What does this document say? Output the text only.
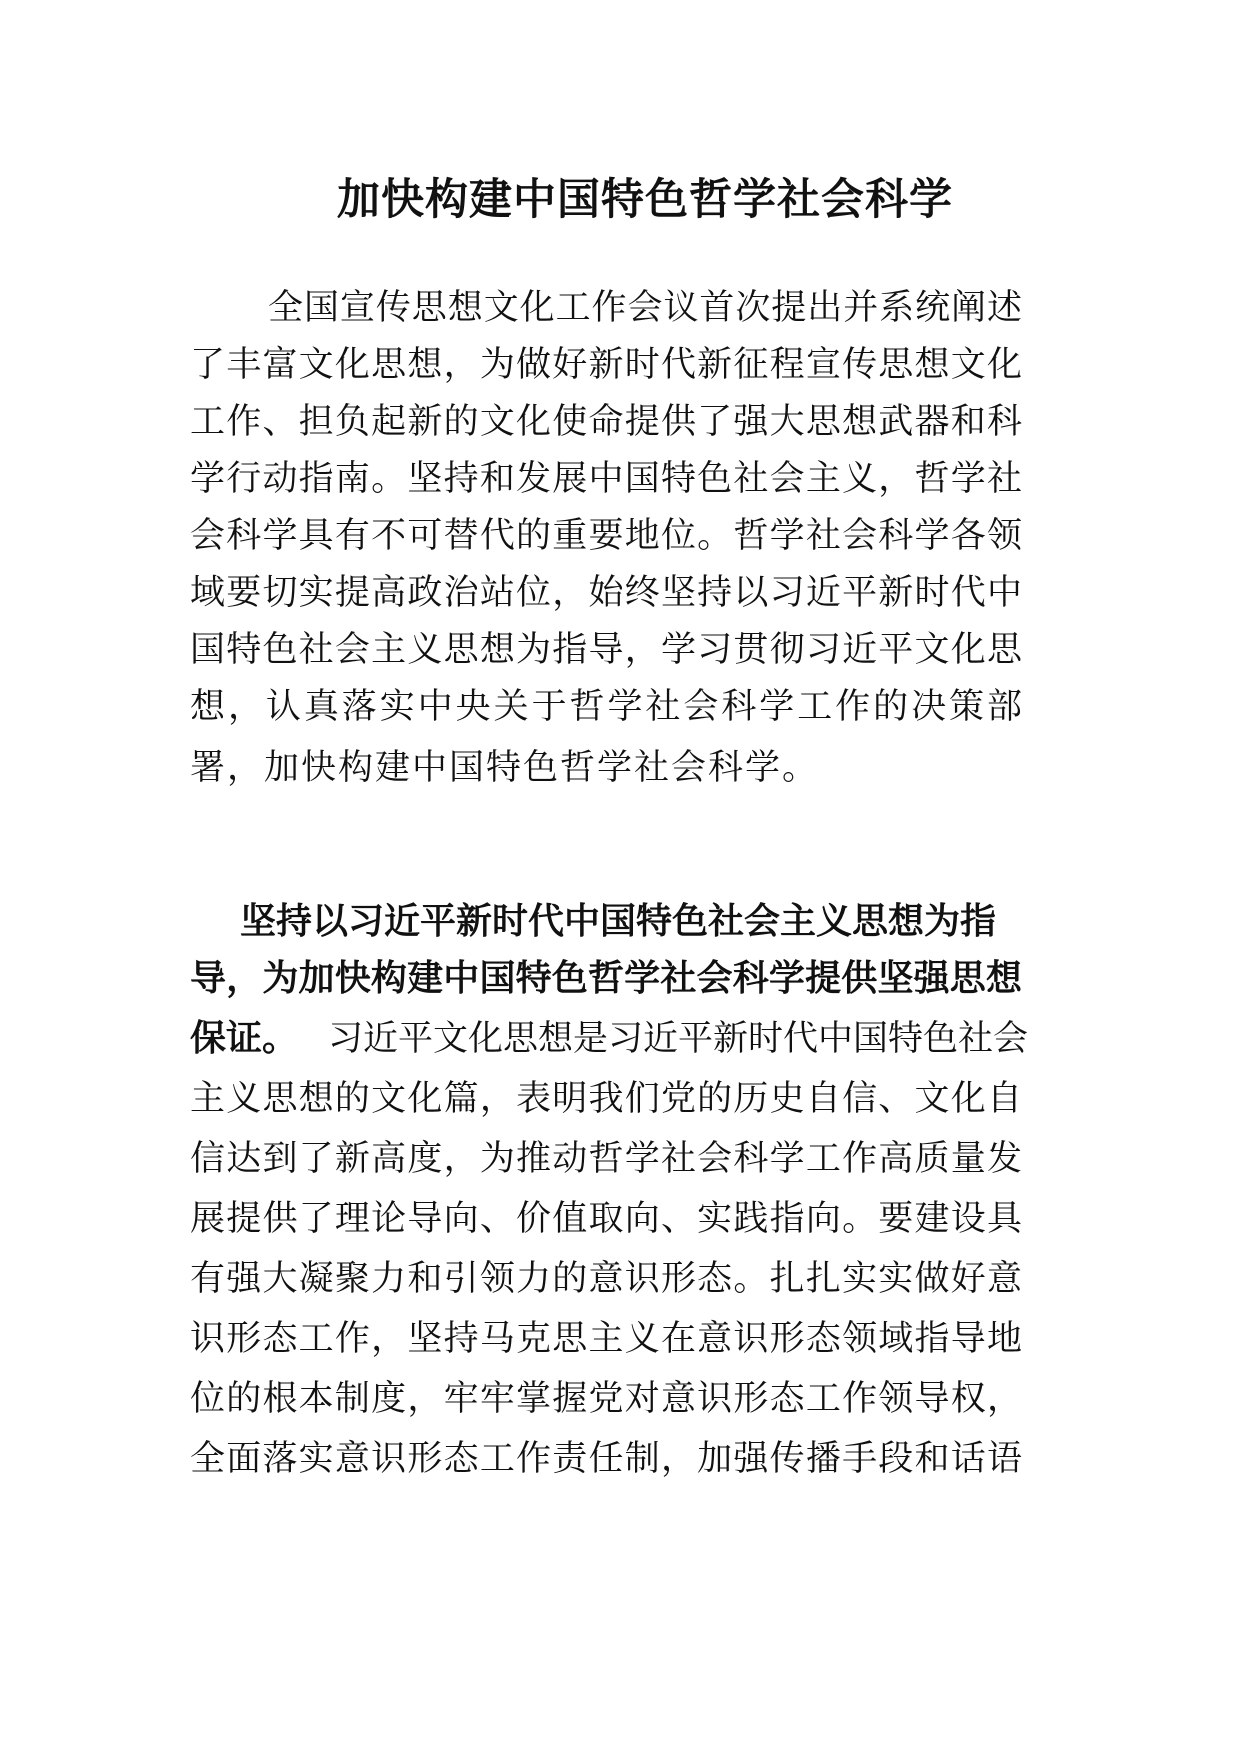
加快构建中国特色哲学社会科学

全国宣传思想文化工作会议首次提出并系统阐述

了丰富文化思想，为做好新时代新征程宣传思想文化

工作、担负起新的文化使命提供了强大思想武器和科

学行动指南。坚持和发展中国特色社会主义，哲学社

会科学具有不可替代的重要地位。哲学社会科学各领

域要切实提高政治站位，始终坚持以习近平新时代中

国特色社会主义思想为指导，学习贯彻习近平文化思

想，认真落实中央关于哲学社会科学工作的决策部

署，加快构建中国特色哲学社会科学。

坚持以习近平新时代中国特色社会主义思想为指

导，为加快构建中国特色哲学社会科学提供坚强思想

保证。 习近平文化思想是习近平新时代中国特色社会

主义思想的文化篇，表明我们党的历史自信、文化自

信达到了新高度，为推动哲学社会科学工作高质量发

展提供了理论导向、价值取向、实践指向。要建设具

有强大凝聚力和引领力的意识形态。扎扎实实做好意

识形态工作，坚持马克思主义在意识形态领域指导地

位的根本制度，牢牢掌握党对意识形态工作领导权，

全面落实意识形态工作责任制，加强传播手段和话语
